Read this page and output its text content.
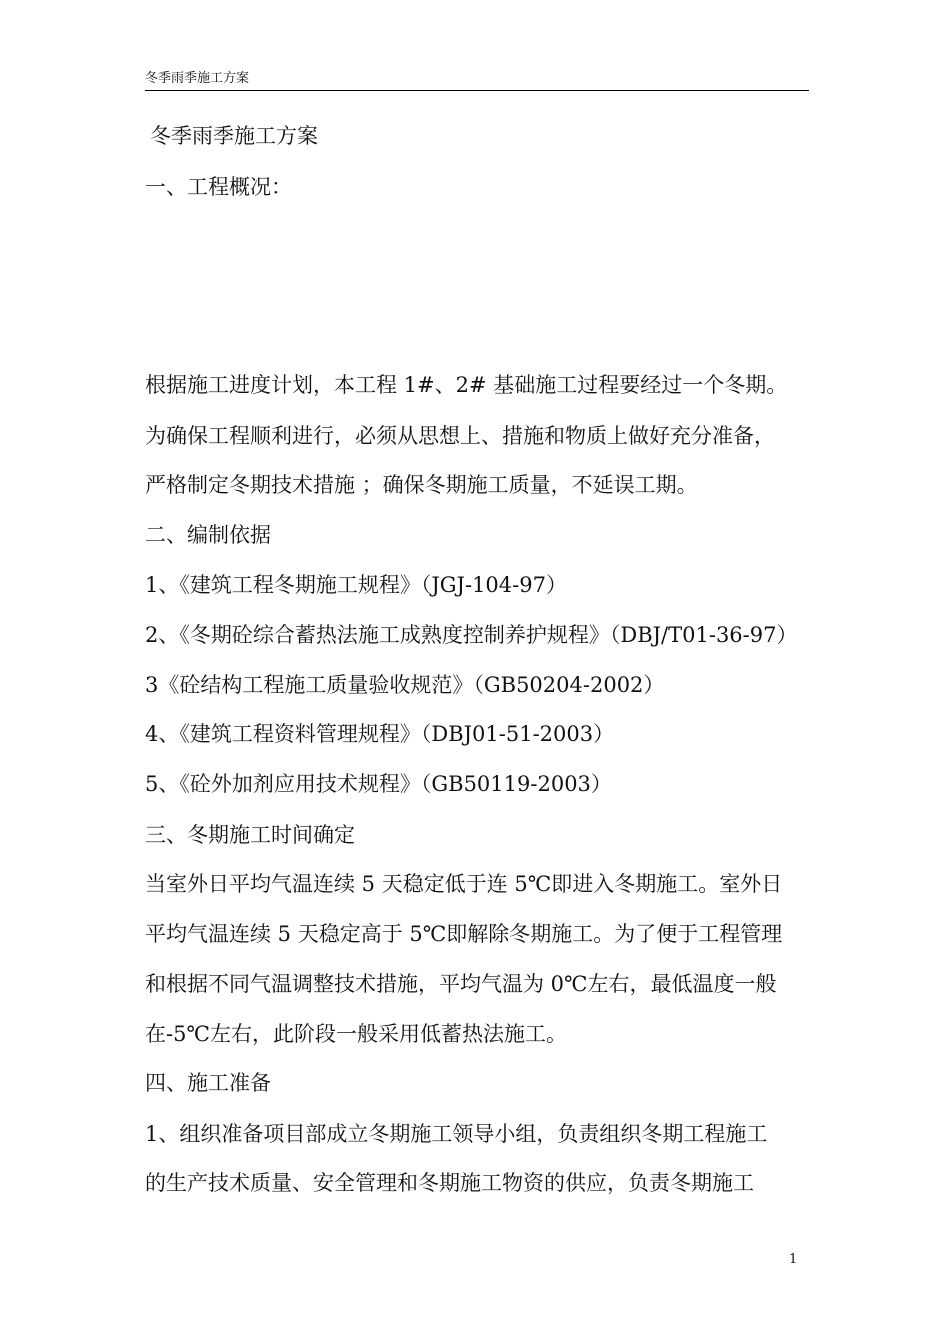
冬季雨季施工方案
冬季雨季施工方案
一、工程概况：
根据施工进度计划，本工程 1#、2# 基础施工过程要经过一个冬期。
为确保工程顺利进行，必须从思想上、措施和物质上做好充分准备，
严格制定冬期技术措施 ；确保冬期施工质量，不延误工期。
二、编制依据
1、《建筑工程冬期施工规程》（JGJ-104-97）
2、《冬期砼综合蓄热法施工成熟度控制养护规程》（DBJ/T01-36-97）
3《砼结构工程施工质量验收规范》（GB50204-2002）
4、《建筑工程资料管理规程》（DBJ01-51-2003）
5、《砼外加剂应用技术规程》（GB50119-2003）
三、冬期施工时间确定
当室外日平均气温连续 5 天稳定低于连 5℃即进入冬期施工。室外日
平均气温连续 5 天稳定高于 5℃即解除冬期施工。为了便于工程管理
和根据不同气温调整技术措施，平均气温为 0℃左右，最低温度一般
在-5℃左右，此阶段一般采用低蓄热法施工。
四、施工准备
1、组织准备项目部成立冬期施工领导小组，负责组织冬期工程施工
的生产技术质量、安全管理和冬期施工物资的供应，负责冬期施工
1
